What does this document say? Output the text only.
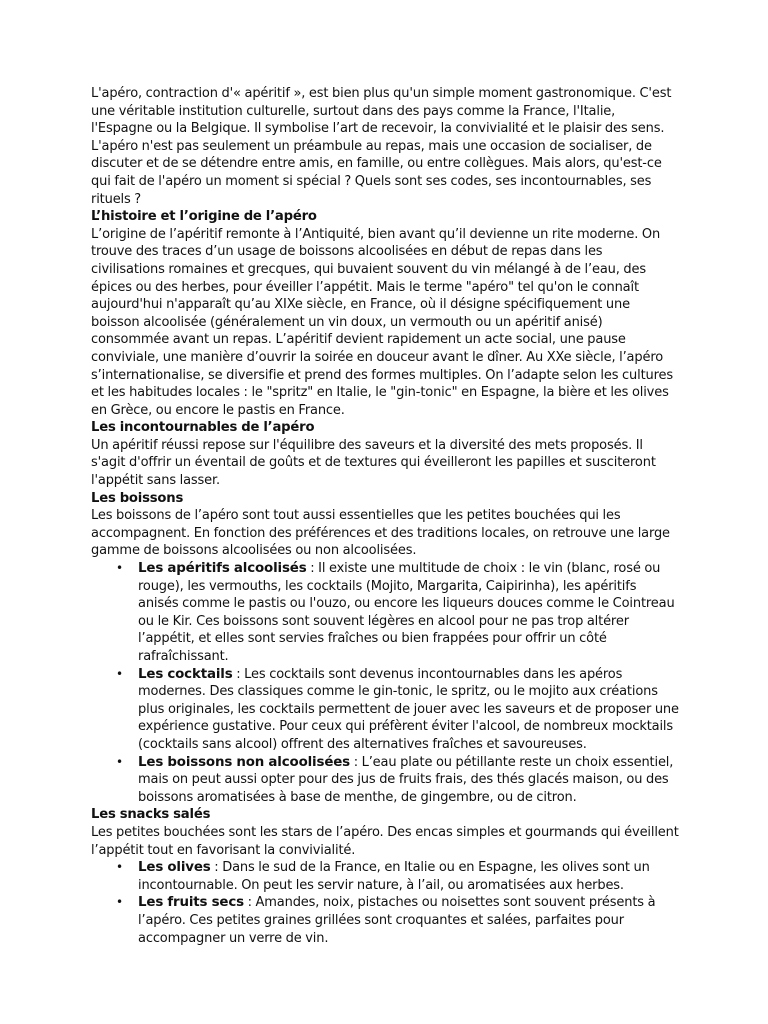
L'apéro, contraction d'« apéritif », est bien plus qu'un simple moment gastronomique. C'est une véritable institution culturelle, surtout dans des pays comme la France, l'Italie, l'Espagne ou la Belgique. Il symbolise l’art de recevoir, la convivialité et le plaisir des sens. L'apéro n'est pas seulement un préambule au repas, mais une occasion de socialiser, de discuter et de se détendre entre amis, en famille, ou entre collègues. Mais alors, qu'est-ce qui fait de l'apéro un moment si spécial ? Quels sont ses codes, ses incontournables, ses rituels ?

L’histoire et l’origine de l’apéro

L’origine de l’apéritif remonte à l’Antiquité, bien avant qu’il devienne un rite moderne. On trouve des traces d’un usage de boissons alcoolisées en début de repas dans les civilisations romaines et grecques, qui buvaient souvent du vin mélangé à de l’eau, des épices ou des herbes, pour éveiller l’appétit. Mais le terme "apéro" tel qu'on le connaît aujourd'hui n'apparaît qu’au XIXe siècle, en France, où il désigne spécifiquement une boisson alcoolisée (généralement un vin doux, un vermouth ou un apéritif anisé) consommée avant un repas. L’apéritif devient rapidement un acte social, une pause conviviale, une manière d’ouvrir la soirée en douceur avant le dîner. Au XXe siècle, l’apéro s’internationalise, se diversifie et prend des formes multiples. On l’adapte selon les cultures et les habitudes locales : le "spritz" en Italie, le "gin-tonic" en Espagne, la bière et les olives en Grèce, ou encore le pastis en France.

Les incontournables de l’apéro

Un apéritif réussi repose sur l'équilibre des saveurs et la diversité des mets proposés. Il s'agit d'offrir un éventail de goûts et de textures qui éveilleront les papilles et susciteront l'appétit sans lasser.

Les boissons

Les boissons de l’apéro sont tout aussi essentielles que les petites bouchées qui les accompagnent. En fonction des préférences et des traditions locales, on retrouve une large gamme de boissons alcoolisées ou non alcoolisées.

• Les apéritifs alcoolisés : Il existe une multitude de choix : le vin (blanc, rosé ou rouge), les vermouths, les cocktails (Mojito, Margarita, Caipirinha), les apéritifs anisés comme le pastis ou l'ouzo, ou encore les liqueurs douces comme le Cointreau ou le Kir. Ces boissons sont souvent légères en alcool pour ne pas trop altérer l’appétit, et elles sont servies fraîches ou bien frappées pour offrir un côté rafraîchissant.
• Les cocktails : Les cocktails sont devenus incontournables dans les apéros modernes. Des classiques comme le gin-tonic, le spritz, ou le mojito aux créations plus originales, les cocktails permettent de jouer avec les saveurs et de proposer une expérience gustative. Pour ceux qui préfèrent éviter l'alcool, de nombreux mocktails (cocktails sans alcool) offrent des alternatives fraîches et savoureuses.
• Les boissons non alcoolisées : L’eau plate ou pétillante reste un choix essentiel, mais on peut aussi opter pour des jus de fruits frais, des thés glacés maison, ou des boissons aromatisées à base de menthe, de gingembre, ou de citron.
Les snacks salés

Les petites bouchées sont les stars de l’apéro. Des encas simples et gourmands qui éveillent l’appétit tout en favorisant la convivialité.

• Les olives : Dans le sud de la France, en Italie ou en Espagne, les olives sont un incontournable. On peut les servir nature, à l’ail, ou aromatisées aux herbes.
• Les fruits secs : Amandes, noix, pistaches ou noisettes sont souvent présents à l’apéro. Ces petites graines grillées sont croquantes et salées, parfaites pour accompagner un verre de vin.
